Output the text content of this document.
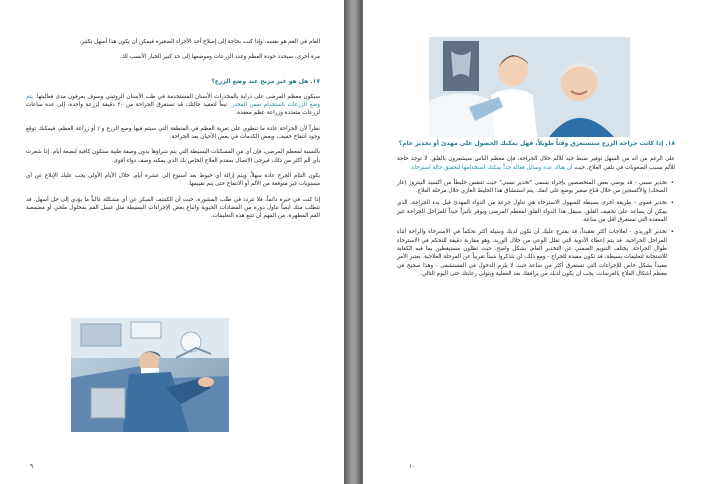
العام في الفم هو نفسه، وإذا كنت بحاجة إلى إصلاح أحد الأجزاء الصغيرة فيمكن أن يكون هذا أسهل بكثير.

مرة أخرى، سيحدد جودة العظم وعدد الزرعات وموضعها إلى حد كبير الخيار الأنسب لك.

١٧. هل هو غير مريح عند وضع الزرع؟

سيكون معظم المرضى على دراية بالمخدرات الأسنان المستخدمة في طب الأسنان الروتيني وسوف يعرفون مدى فعاليتها. يتم وضع الزرعات باستخدام نفس المخدر. تبعاً لتعقيد حالتك، قد تستغرق الجراحة من ٣٠ دقيقة لزرعة واحدة، إلى عدة ساعات لزرعات متعددة وزراعة عظم معقدة.

نظراً لأن الجراحة عادة ما تنطوي على تعرية العظم في المنطقة التي سيتم فيها وضع الزرع و / أو زراعة العظم، فيمكنك توقع وجود انتفاخ خفيف، وبعض الكدمات في بعض الأحيان بعد الجراحة.

بالنسبة لمعظم المرضى، فإن أي من المسكنات البسيطة التي يتم شراؤها بدون وصفة طبية ستكون كافية لبضعة أيام. إذا شعرت بأي ألم أكثر من ذلك، فيرجى الاتصال بمقدم العلاج الخاص بك الذي يمكنه وصف دواء أقوى.

يكون التئام الجرح عادة سهلاً، ويتم إزالة أي خيوط بعد أسبوع إلى عشرة أيام. خلال الأيام الأولى يجب عليك الإبلاغ عن أي مستويات غير متوقعة من الألم أو الانتفاخ حتى يتم تقييمها.

إذا كنت في حيرة دائماً، فلا تتردد في طلب المشورة، حيث أن الكشف المبكر عن أي مشكلة غالباً ما يؤدي إلى حل أسهل. قد تتطلب منك أيضاً تناول دورة من المضادات الحيوية واتباع بعض الإجراءات البسيطة مثل غسل الفم بمحلول ملحي أو مضمضة الفم المطهرة. من المهم أن تتبع هذه التعليمات.

٩

١٨. إذا كانت جراحة الزرع ستستغرق وقتاً طويلاً، فهل يمكنك الحصول على مهدئ أو تخدير عام؟

على الرغم من أنه من السهل توفير ضبط جيد للألم خلال الجراحة، فإن معظم الناس سيشعرون بالقلق. لا توجد حاجة للألم بسبب الصعوبات في تلقي العلاج، حيث أن هناك عدة وسائل فعالة جداً يمكنك استخدامها لتحقيق حالة استرخاء.

• تخدير نسبي - قد يوصي بعض المتخصصين بإجراء بسمى "تخدير نسبي" حيث تتنفس خليطاً من أكسيد النيتروز (غاز الضحك) والأكسجين من خلال قناع صغير يوضع على أنفك. يتم استنشاق هذا الخليط الغازي خلال مرحلة العلاج.
• تخدير فموي - طريقة أخرى بسيطة للسهول الاسترخاء هي تناول جرعة من الدواء المهدئ قبل بدء الجراحة، الذي يمكن أن يساعد على تخفيف القلق. سيقل هذا الدواء القلق لمعظم المرضى ويوفر تأثيراً حيداً للمراحل الجراحة غير المعقدة التي تستغرق أقل من ساعة.
• تخدير الوريدي - لعلاجات أكثر تعقيداً، قد يقترح عليك أن تكون لديك وسيلة أكثر تحكماً في الاسترخاء والراحة أثناء المراحل الجراحية. قد يتم إعطاء الأدوية التي تقلل الوعي من خلال الوريد، وهو مقاربة دقيقة للتحكم في الاسترخاء طوال الجراحة. يختلف التنويم الضمني عن التخدير العام، بشكل واضح، حيث تظلون مستيقظين بما فيه الكفاية للاستجابة لتعليمات بسيطة، قد تكون مفيدة للجراح - ومع ذلك، لن تتذكروا شيئاً تقريباً عن المرحلة العلاجية. يعتبر الأمر مفيداً بشكل خاص للإجراءات التي تستغرق أكثر من ساعة حيث لا يلزم الدخول في المستشفى - وهذا صحيح في معظم أشكال العلاج بالغرسات. يجب أن يكون لديك من يرافقك بعد العملية ويتولى رعايتك حتى اليوم التالي.
١٠
